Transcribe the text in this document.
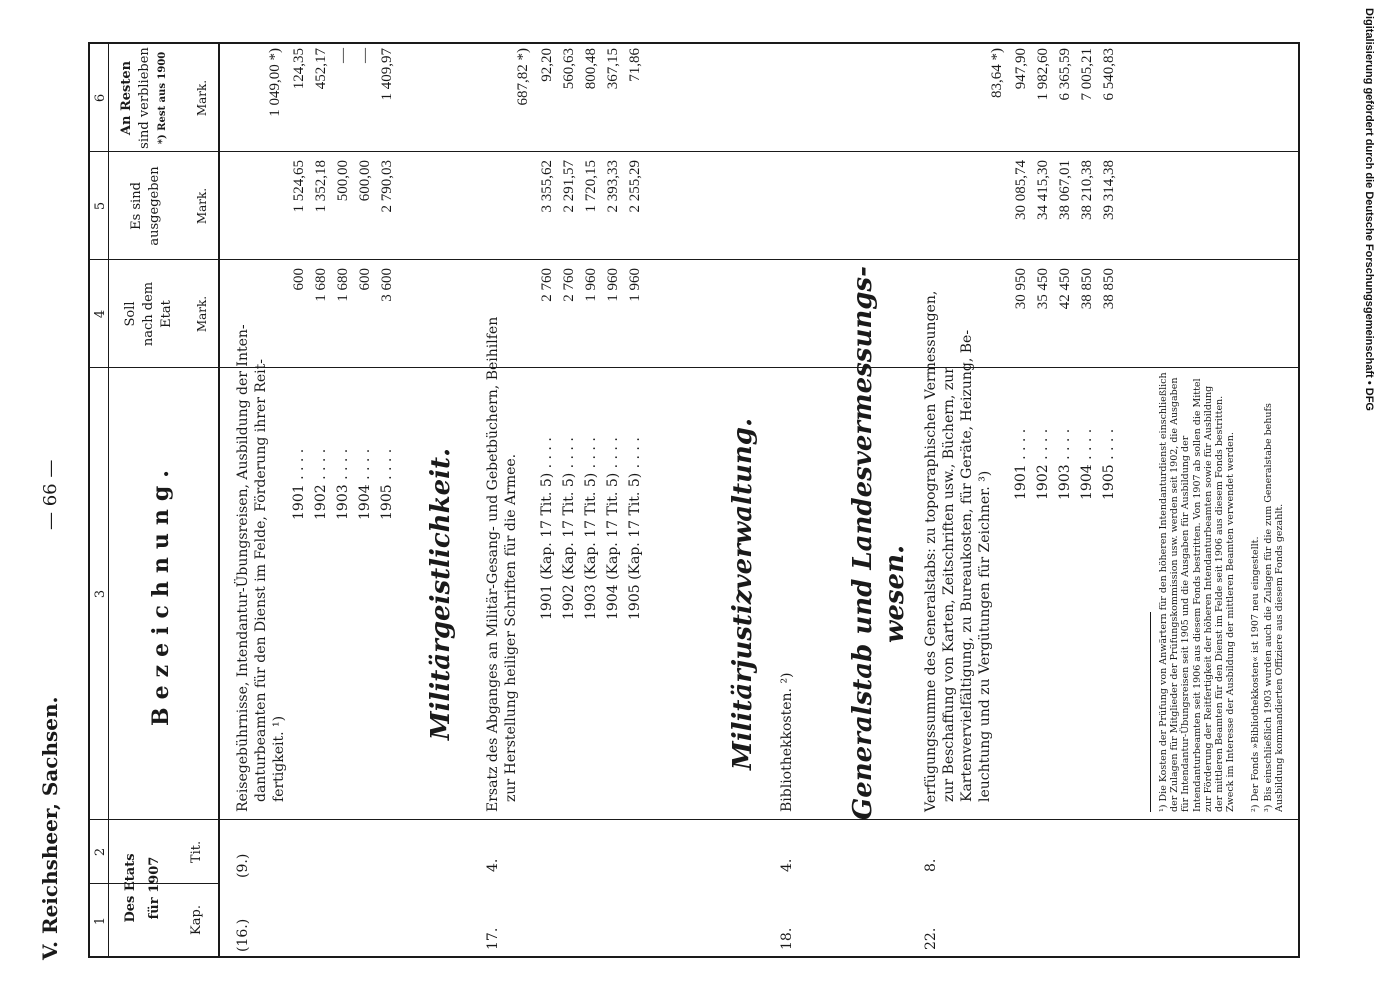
V. Reichsheer, Sachsen.
— 66 —
1
2
3
4
5
6
Des Etats für 1907
Kap.
Tit.
Bezeichnung.
Soll nach dem Etat Mark.
Es sind ausgegeben	Mark.
An Resten sind verblieben *) Rest aus 1900 Mark.
(16.)
(9.)
Reisegebührnisse, Intendantur-Übungsreisen, Ausbildung der Inten- danturbeamten für den Dienst im Felde, Förderung ihrer Reit- fertigkeit. ¹)
1 049,00 *)
1901 . . . .
600
1 524,65
124,35
1902 . . . .
1 680
1 352,18
452,17
1903 . . . .
1 680
500,00
—
1904 . . . .
600
600,00
—
1905 . . . .
3 600
2 790,03
1 409,97
Militärgeistlichkeit.
17.
4.
Ersatz des Abganges an Militär-Gesang- und Gebetbüchern, Beihilfen zur Herstellung heiliger Schriften für die Armee.
687,82 *)
1901 (Kap. 17 Tit. 5) . . . .
2 760
3 355,62
92,20
1902 (Kap. 17 Tit. 5) . . . .
2 760
2 291,57
560,63
1903 (Kap. 17 Tit. 5) . . . .
1 960
1 720,15
800,48
1904 (Kap. 17 Tit. 5) . . . .
1 960
2 393,33
367,15
1905 (Kap. 17 Tit. 5) . . . .
1 960
2 255,29
71,86
Militärjustizverwaltung.
18.
4.
Bibliothekkosten. ²) Generalstab und Landesvermessungs- wesen.
22.
8.
Verfügungssumme des Generalstabs: zu topographischen Vermessungen, zur Beschaffung von Karten, Zeitschriften usw., Büchern, zur Kartenvervielfältigung, zu Bureaukosten, für Geräte, Heizung, Be- leuchtung und zu Vergütungen für Zeichner. ³)
83,64 *)
1901 . . . .
30 950
30 085,74
947,90
1902 . . . .
35 450
34 415,30
1 982,60
1903 . . . .
42 450
38 067,01
6 365,59
1904 . . . .
38 850
38 210,38
7 005,21
1905 . . . .
38 850
39 314,38
6 540,83
¹) Die Kosten der Prüfung von Anwärtern für den höheren Intendanturdienst einschließlich der Zulagen für Mitglieder der Prüfungskommission usw. werden seit 1902, die Ausgaben für Intendantur-Übungsreisen seit 1905 und die Ausgaben für Ausbildung der Intendanturbeamten seit 1906 aus diesem Fonds bestritten. Von 1907 ab sollen die Mittel zur Förderung der Reitfertigkeit der höheren Intendanturbeamten sowie für Ausbildung der mittleren Beamten für den Dienst im Felde seit 1906 aus diesem Fonds bestritten. Zweck im Interesse der Ausbildung der mittleren Beamten verwendet werden. ²) Der Fonds »Bibliothekkosten« ist 1907 neu eingestellt. ³) Bis einschließlich 1903 wurden auch die Zulagen für die zum Generalstabe behufs Ausbildung kommandierten Offiziere aus diesem Fonds gezahlt.
Digitalisierung gefördert durch die Deutsche Forschungsgemeinschaft • DFG
